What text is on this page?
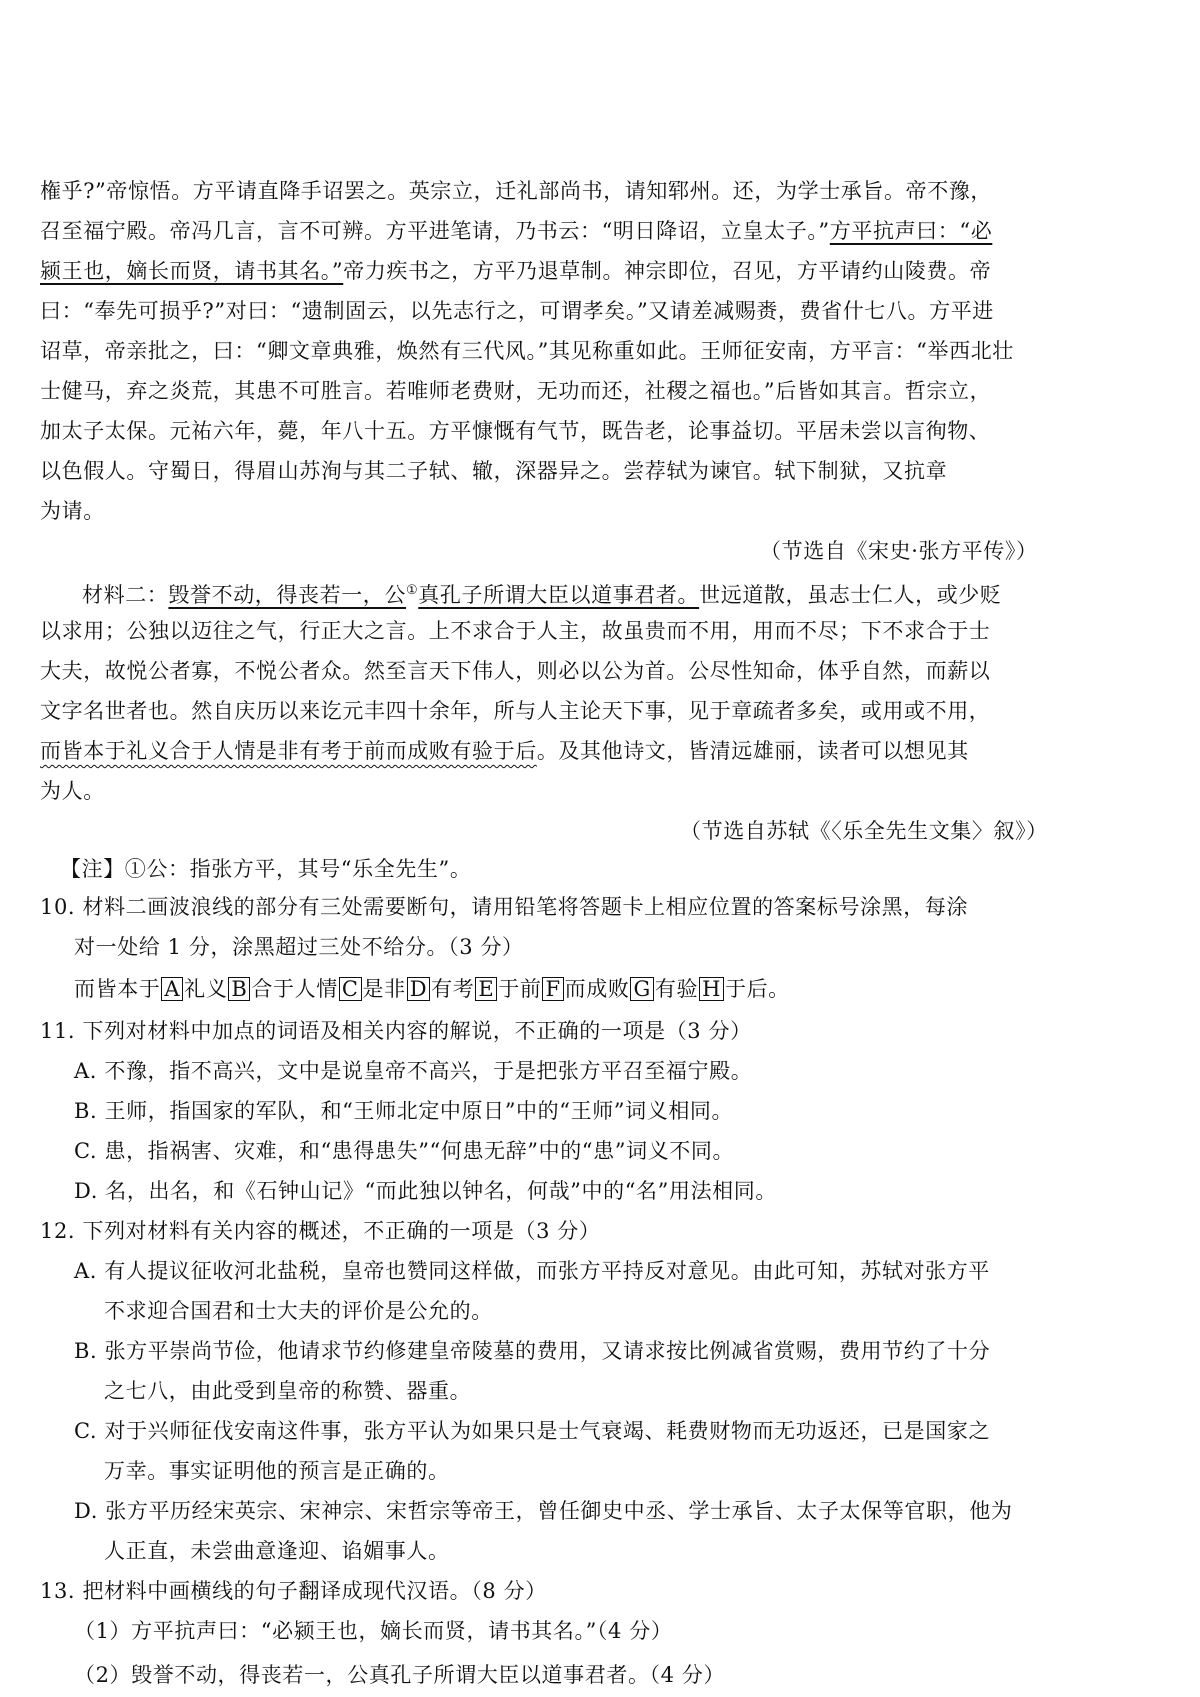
権乎?”帝惊悟。方平请直降手诏罢之。英宗立，迁礼部尚书，请知郓州。还，为学士承旨。帝不豫，
召至福宁殿。帝冯几言，言不可辨。方平进笔请，乃书云：“明日降诏，立皇太子。”方平抗声曰：“必
颍王也，嫡长而贤，请书其名。”帝力疾书之，方平乃退草制。神宗即位，召见，方平请约山陵费。帝
曰：“奉先可损乎?”对曰：“遗制固云，以先志行之，可谓孝矣。”又请差减赐赉，费省什七八。方平进
诏草，帝亲批之，曰：“卿文章典雅，焕然有三代风。”其见称重如此。王师征安南，方平言：“举西北壮
士健马，弃之炎荒，其患不可胜言。若唯师老费财，无功而还，社稷之福也。”后皆如其言。哲宗立，
加太子太保。元祐六年，薨，年八十五。方平慷慨有气节，既告老，论事益切。平居未尝以言徇物、
以色假人。守蜀日，得眉山苏洵与其二子轼、辙，深器异之。尝荐轼为谏官。轼下制狱，又抗章
为请。
（节选自《宋史·张方平传》）
材料二：毁誉不动，得丧若一，公①真孔子所谓大臣以道事君者。世远道散，虽志士仁人，或少贬
以求用；公独以迈往之气，行正大之言。上不求合于人主，故虽贵而不用，用而不尽；下不求合于士
大夫，故悦公者寡，不悦公者众。然至言天下伟人，则必以公为首。公尽性知命，体乎自然，而薪以
文字名世者也。然自庆历以来讫元丰四十余年，所与人主论天下事，见于章疏者多矣，或用或不用，
而皆本于礼义合于人情是非有考于前而成败有验于后。及其他诗文，皆清远雄丽，读者可以想见其
为人。
（节选自苏轼《〈乐全先生文集〉叙》）
【注】①公：指张方平，其号“乐全先生”。
10. 材料二画波浪线的部分有三处需要断句，请用铅笔将答题卡上相应位置的答案标号涂黑，每涂
对一处给 1 分，涂黑超过三处不给分。（3 分）
而皆本于 A 礼义 B 合于人情 C 是非 D 有考 E 于前 F 而成败 G 有验 H 于后。
11. 下列对材料中加点的词语及相关内容的解说，不正确的一项是（3 分）
A. 不豫，指不高兴，文中是说皇帝不高兴，于是把张方平召至福宁殿。
B. 王师，指国家的军队，和“王师北定中原日”中的“王师”词义相同。
C. 患，指祸害、灾难，和“患得患失”“何患无辞”中的“患”词义不同。
D. 名，出名，和《石钟山记》“而此独以钟名，何哉”中的“名”用法相同。
12. 下列对材料有关内容的概述，不正确的一项是（3 分）
A. 有人提议征收河北盐税，皇帝也赞同这样做，而张方平持反对意见。由此可知，苏轼对张方平
不求迎合国君和士大夫的评价是公允的。
B. 张方平崇尚节俭，他请求节约修建皇帝陵墓的费用，又请求按比例减省赏赐，费用节约了十分
之七八，由此受到皇帝的称赞、器重。
C. 对于兴师征伐安南这件事，张方平认为如果只是士气衰竭、耗费财物而无功返还，已是国家之
万幸。事实证明他的预言是正确的。
D. 张方平历经宋英宗、宋神宗、宋哲宗等帝王，曾任御史中丞、学士承旨、太子太保等官职，他为
人正直，未尝曲意逢迎、谄媚事人。
13. 把材料中画横线的句子翻译成现代汉语。（8 分）
（1）方平抗声曰：“必颍王也，嫡长而贤，请书其名。”（4 分）
（2）毁誉不动，得丧若一，公真孔子所谓大臣以道事君者。（4 分）
